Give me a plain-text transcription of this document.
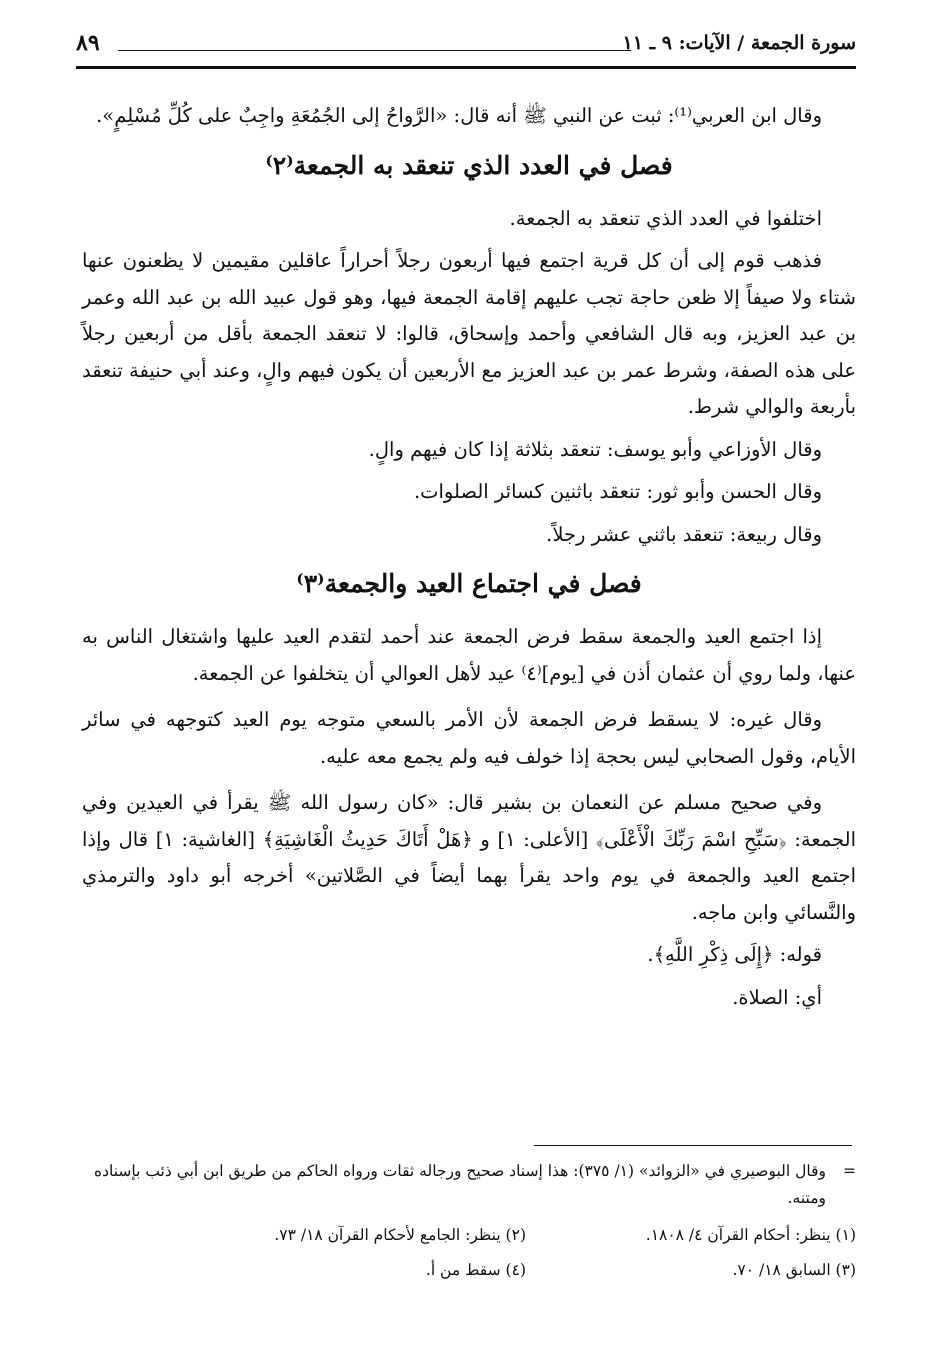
سورة الجمعة / الآيات: ٩ ـ ١١
٨٩

وقال ابن العربي⁽¹⁾: ثبت عن النبي ﷺ أنه قال: «الرَّواحُ إلى الجُمُعَةِ واجِبٌ على كُلِّ مُسْلِمٍ».

فصل في العدد الذي تنعقد به الجمعة⁽٢⁾

اختلفوا في العدد الذي تنعقد به الجمعة.

فذهب قوم إلى أن كل قرية اجتمع فيها أربعون رجلاً أحراراً عاقلين مقيمين لا يظعنون عنها شتاء ولا صيفاً إلا ظعن حاجة تجب عليهم إقامة الجمعة فيها، وهو قول عبيد الله بن عبد الله وعمر بن عبد العزيز، وبه قال الشافعي وأحمد وإسحاق، قالوا: لا تنعقد الجمعة بأقل من أربعين رجلاً على هذه الصفة، وشرط عمر بن عبد العزيز مع الأربعين أن يكون فيهم والٍ، وعند أبي حنيفة تنعقد بأربعة والوالي شرط.

وقال الأوزاعي وأبو يوسف: تنعقد بثلاثة إذا كان فيهم والٍ.

وقال الحسن وأبو ثور: تنعقد باثنين كسائر الصلوات.

وقال ربيعة: تنعقد باثني عشر رجلاً.

فصل في اجتماع العيد والجمعة⁽٣⁾

إذا اجتمع العيد والجمعة سقط فرض الجمعة عند أحمد لتقدم العيد عليها واشتغال الناس به عنها، ولما روي أن عثمان أذن في [يوم]⁽٤⁾ عيد لأهل العوالي أن يتخلفوا عن الجمعة.

وقال غيره: لا يسقط فرض الجمعة لأن الأمر بالسعي متوجه يوم العيد كتوجهه في سائر الأيام، وقول الصحابي ليس بحجة إذا خولف فيه ولم يجمع معه عليه.

وفي صحيح مسلم عن النعمان بن بشير قال: «كان رسول الله ﷺ يقرأ في العيدين وفي الجمعة: ﴿سَبِّحِ اسْمَ رَبِّكَ الْأَعْلَى﴾ [الأعلى: ١] و ﴿هَلْ أَتَاكَ حَدِيثُ الْغَاشِيَةِ﴾ [الغاشية: ١] قال وإذا اجتمع العيد والجمعة في يوم واحد يقرأ بهما أيضاً في الصَّلاتين» أخرجه أبو داود والترمذي والنَّسائي وابن ماجه.

قوله: ﴿إِلَى ذِكْرِ اللَّهِ﴾.

أي: الصلاة.

=
وقال البوصيري في «الزوائد» (١/ ٣٧٥): هذا إسناد صحيح ورجاله ثقات ورواه الحاكم من طريق ابن أبي ذئب بإسناده ومتنه.
(١) ينظر: أحكام القرآن ٤/ ١٨٠٨.
(٢) ينظر: الجامع لأحكام القرآن ١٨/ ٧٣.
(٣) السابق ١٨/ ٧٠.
(٤) سقط من أ.
